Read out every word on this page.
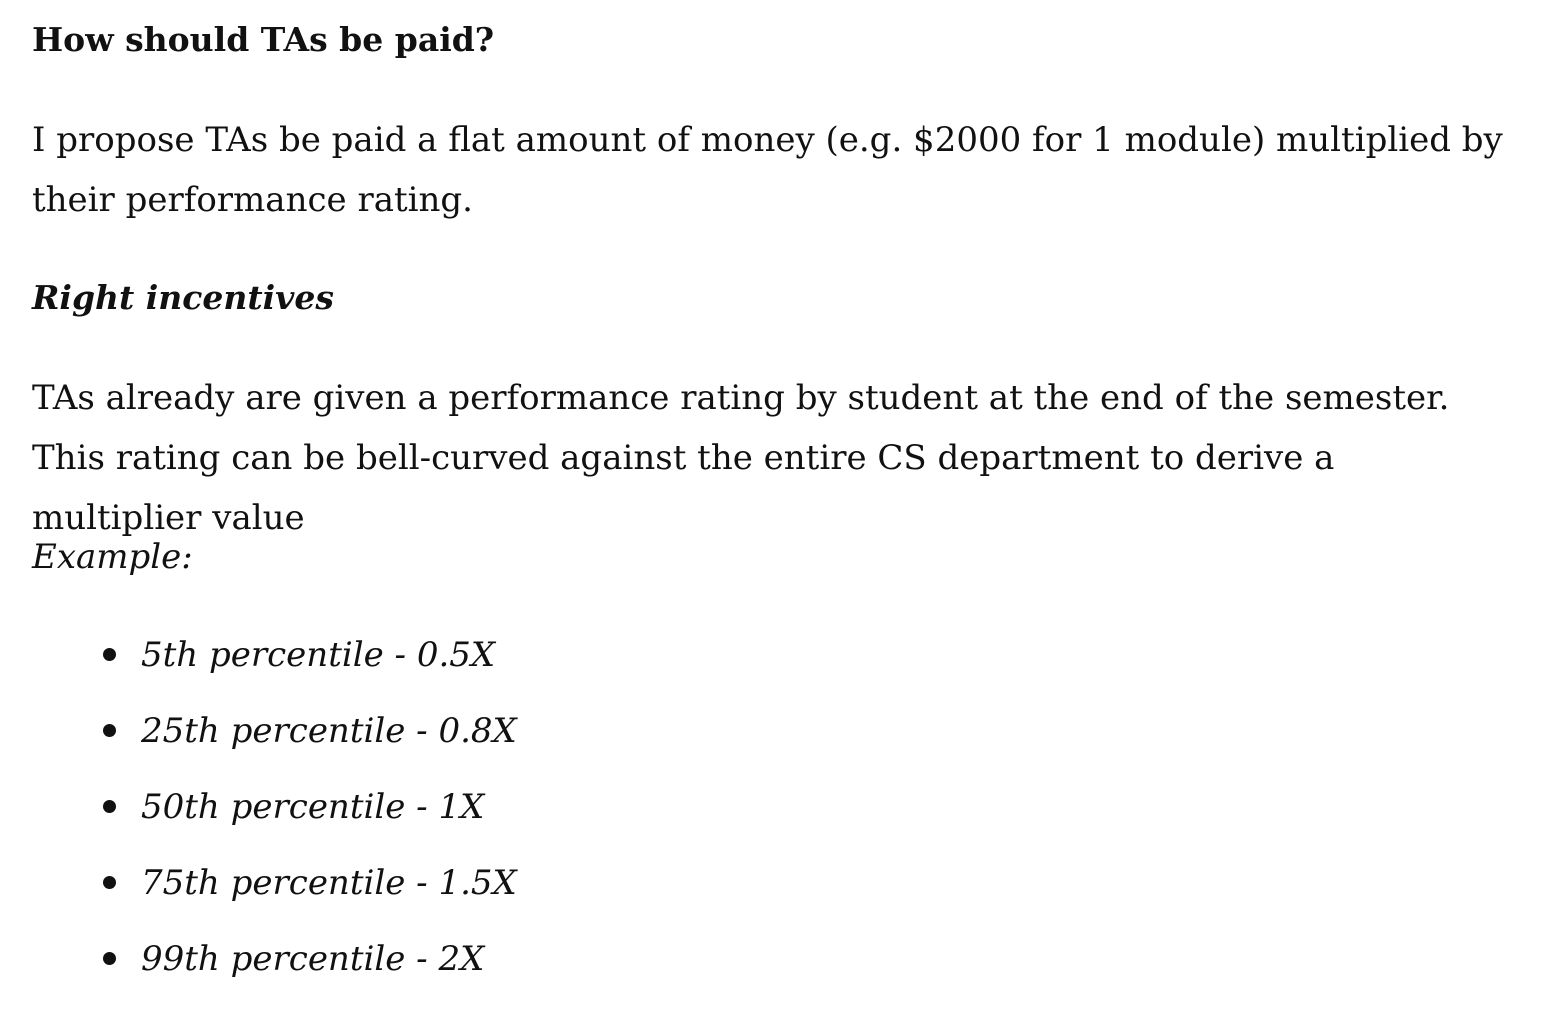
How should TAs be paid?

I propose TAs be paid a flat amount of money (e.g. $2000 for 1 module) multiplied by their performance rating.

Right incentives

TAs already are given a performance rating by student at the end of the semester. This rating can be bell-curved against the entire CS department to derive a multiplier value

Example:

5th percentile - 0.5X
25th percentile - 0.8X
50th percentile - 1X
75th percentile - 1.5X
99th percentile - 2X
